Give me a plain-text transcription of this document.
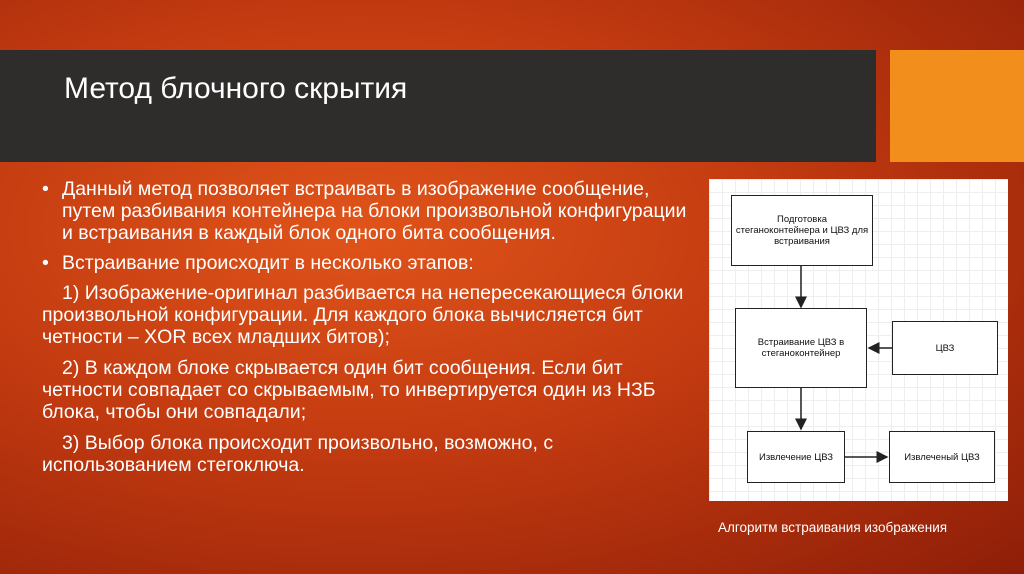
Метод блочного скрытия
• Данный метод позволяет встраивать в изображение сообщение, путем разбивания контейнера на блоки произвольной конфигурации и встраивания в каждый блок одного бита сообщения.
• Встраивание происходит в несколько этапов:
1) Изображение-оригинал разбивается на непересекающиеся блоки произвольной конфигурации. Для каждого блока вычисляется бит четности – XOR всех младших битов);
2) В каждом блоке скрывается один бит сообщения. Если бит четности совпадает со скрываемым, то инвертируется один из НЗБ блока, чтобы они совпадали;
3) Выбор блока происходит произвольно, возможно, с использованием стегоключа.
Подготовка стеганоконтейнера и ЦВЗ для встраивания
Встраивание ЦВЗ в стеганоконтейнер	ЦВЗ
Извлечение ЦВЗ	Извлеченый ЦВЗ
Алгоритм встраивания изображения
